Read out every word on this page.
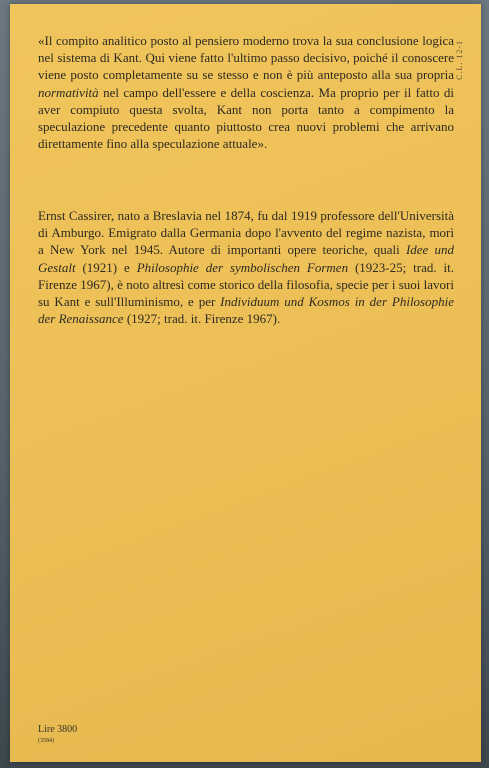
«Il compito analitico posto al pensiero moderno trova la sua conclusione logica nel sistema di Kant. Qui viene fatto l'ultimo passo decisivo, poiché il conoscere viene posto completamente su se stesso e non è più anteposto alla sua propria normatività nel campo dell'essere e della coscienza. Ma proprio per il fatto di aver compiuto questa svolta, Kant non porta tanto a compimento la speculazione precedente quanto piuttosto crea nuovi problemi che arrivano direttamente fino alla speculazione attuale».
Ernst Cassirer, nato a Breslavia nel 1874, fu dal 1919 professore dell'Università di Amburgo. Emigrato dalla Germania dopo l'avvento del regime nazista, morì a New York nel 1945. Autore di importanti opere teoriche, quali Idee und Gestalt (1921) e Philosophie der symbolischen Formen (1923-25; trad. it. Firenze 1967), è noto altresì come storico della filosofia, specie per i suoi lavori su Kant e sull'Illuminismo, e per Individuum und Kosmos in der Philosophie der Renaissance (1927; trad. it. Firenze 1967).
C.L. 12-1
Lire 3800
(3584)
